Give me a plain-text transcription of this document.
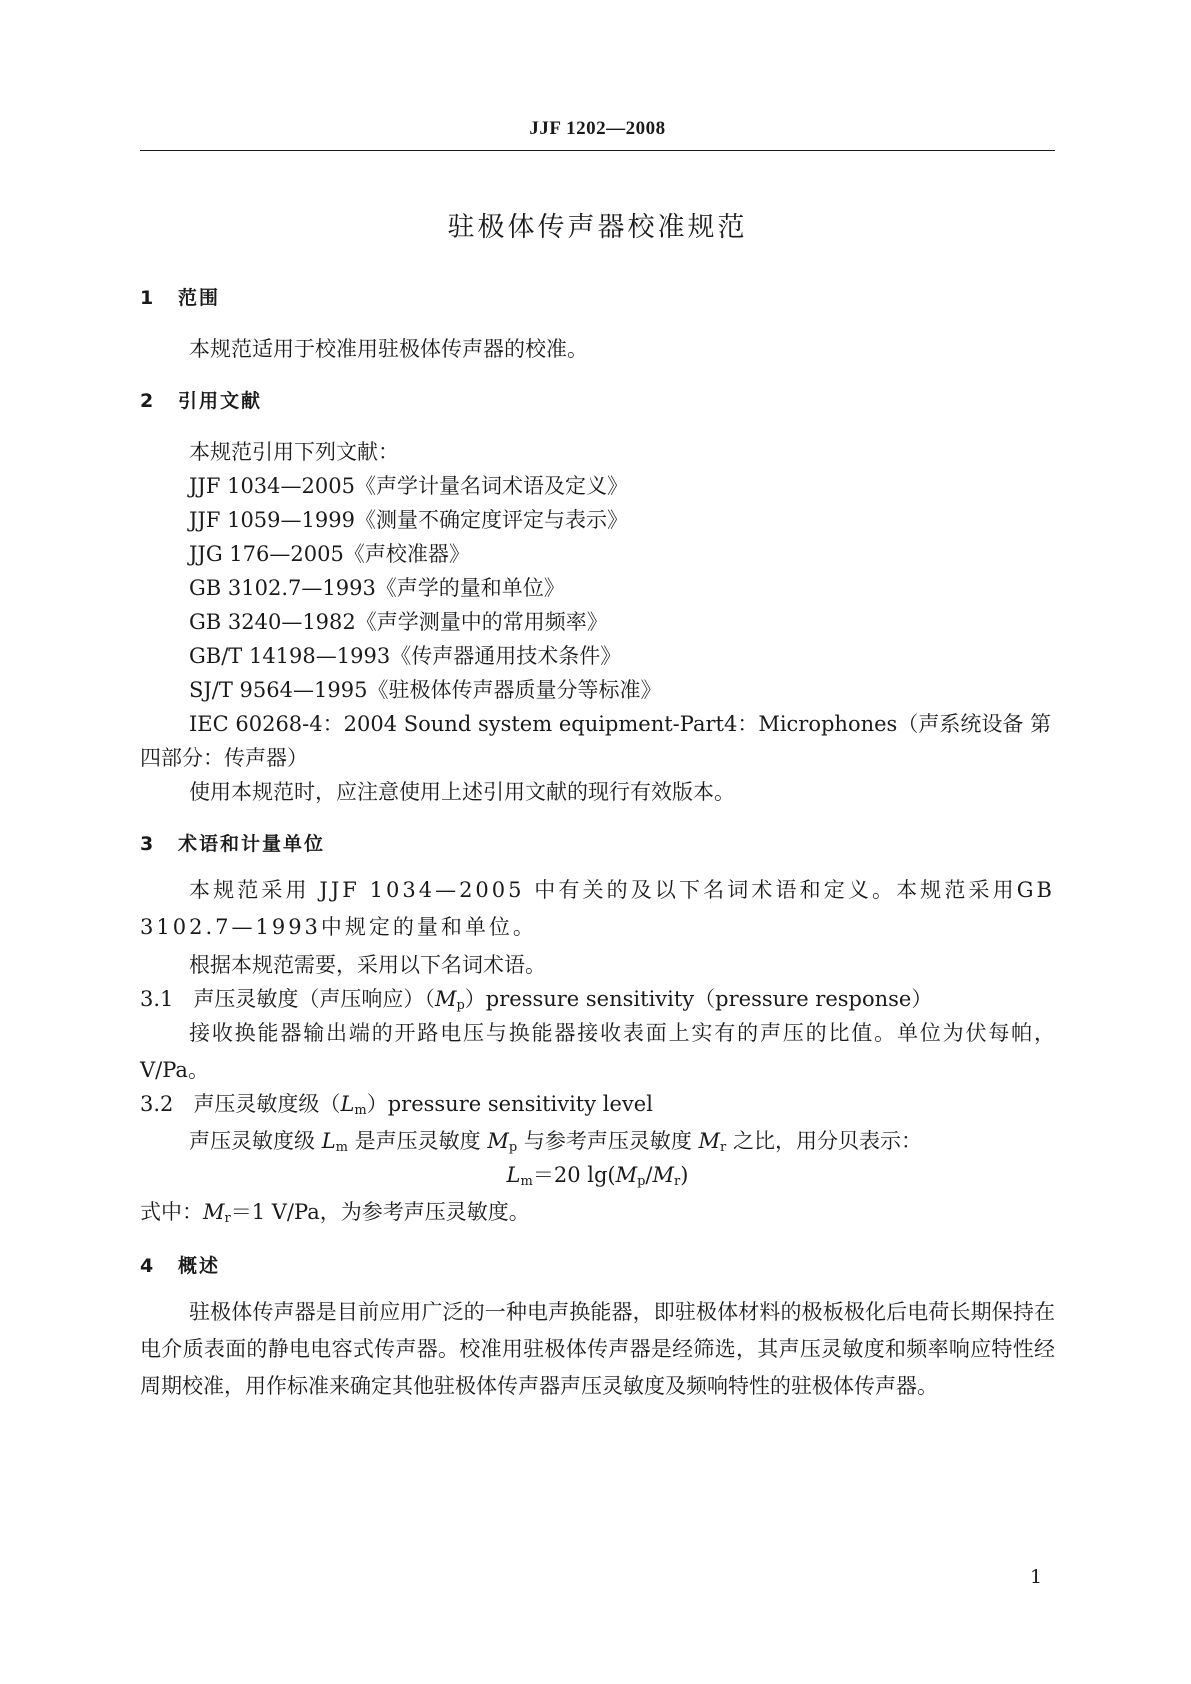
JJF 1202—2008
驻极体传声器校准规范
1 范围
本规范适用于校准用驻极体传声器的校准。
2 引用文献
本规范引用下列文献：
JJF 1034—2005《声学计量名词术语及定义》
JJF 1059—1999《测量不确定度评定与表示》
JJG 176—2005《声校准器》
GB 3102.7—1993《声学的量和单位》
GB 3240—1982《声学测量中的常用频率》
GB/T 14198—1993《传声器通用技术条件》
SJ/T 9564—1995《驻极体传声器质量分等标准》
IEC 60268-4：2004 Sound system equipment-Part4：Microphones（声系统设备 第
四部分：传声器）
使用本规范时，应注意使用上述引用文献的现行有效版本。
3 术语和计量单位
本规范采用 JJF 1034—2005 中有关的及以下名词术语和定义。本规范采用GB 3102.7—1993中规定的量和单位。
根据本规范需要，采用以下名词术语。
3.1 声压灵敏度（声压响应）$(M_p)pressure$ sensitivity（pressure response）
接收换能器输出端的开路电压与换能器接收表面上实有的声压的比值。单位为伏每帕，V/Pa。
3.2 声压灵敏度级$(L_m)pressure$ sensitivity level
声压灵敏度级 $L_m$ 是声压灵敏度 $M_p$ 与参考声压灵敏度 $M_r$ 之比，用分贝表示：
$L_m=20$ $\lg(M_p/M_r)$
式中：$M_r=1$ V/Pa，为参考声压灵敏度。
4 概述
驻极体传声器是目前应用广泛的一种电声换能器，即驻极体材料的极板极化后电荷长期保持在电介质表面的静电电容式传声器。校准用驻极体传声器是经筛选，其声压灵敏度和频率响应特性经周期校准，用作标准来确定其他驻极体传声器声压灵敏度及频响特性的驻极体传声器。
1
